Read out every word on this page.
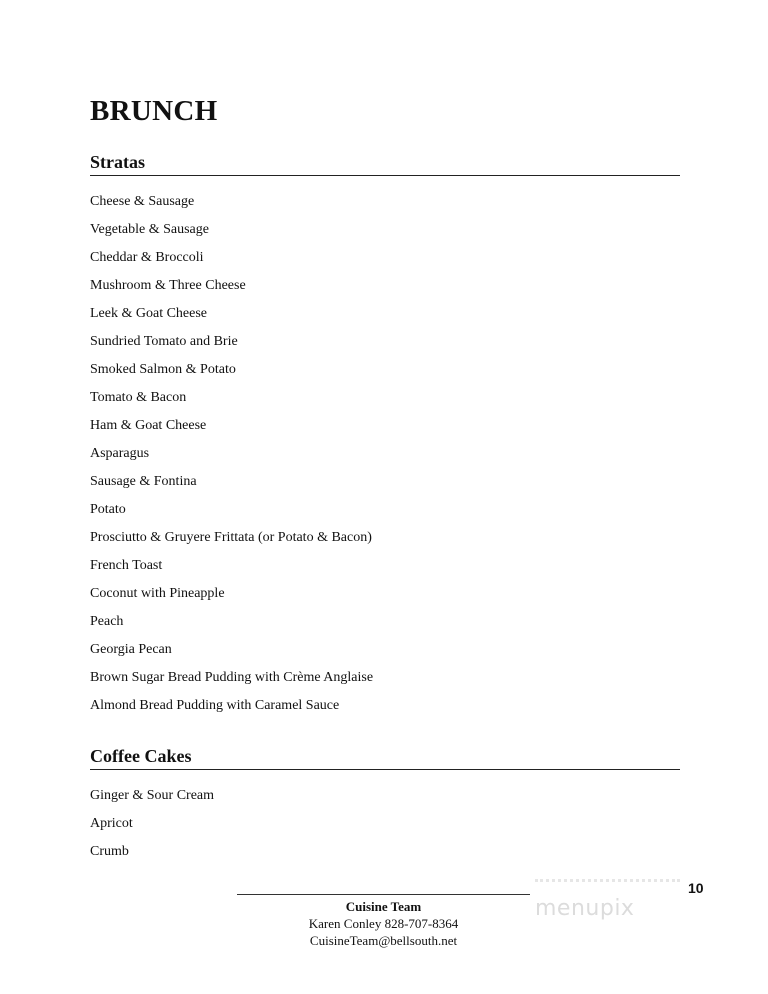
BRUNCH
Stratas
Cheese & Sausage
Vegetable & Sausage
Cheddar & Broccoli
Mushroom & Three Cheese
Leek & Goat Cheese
Sundried Tomato and Brie
Smoked Salmon & Potato
Tomato & Bacon
Ham & Goat Cheese
Asparagus
Sausage & Fontina
Potato
Prosciutto & Gruyere Frittata (or Potato & Bacon)
French Toast
Coconut with Pineapple
Peach
Georgia Pecan
Brown Sugar Bread Pudding with Crème Anglaise
Almond Bread Pudding with Caramel Sauce
Coffee Cakes
Ginger & Sour Cream
Apricot
Crumb
10
menupix
Cuisine Team
Karen Conley 828-707-8364
CuisineTeam@bellsouth.net
